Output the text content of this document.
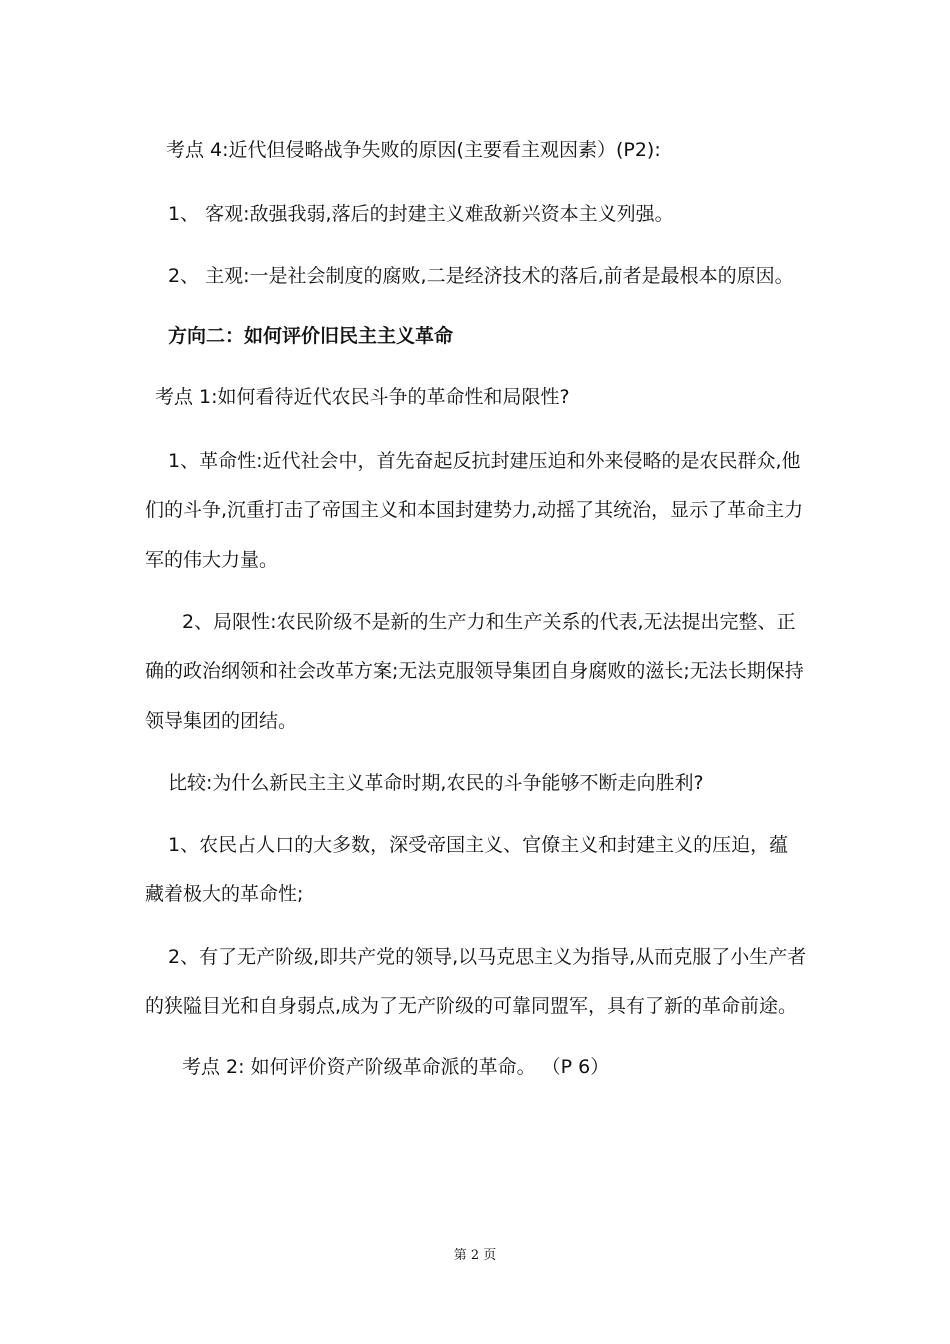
考点 4:近代但侵略战争失败的原因(主要看主观因素）(P2):
1、 客观:敌强我弱,落后的封建主义难敌新兴资本主义列强。
2、 主观:一是社会制度的腐败,二是经济技术的落后,前者是最根本的原因。
方向二：如何评价旧民主主义革命
考点 1:如何看待近代农民斗争的革命性和局限性?
1、革命性:近代社会中，首先奋起反抗封建压迫和外来侵略的是农民群众,他
们的斗争,沉重打击了帝国主义和本国封建势力,动摇了其统治，显示了革命主力
军的伟大力量。
2、局限性:农民阶级不是新的生产力和生产关系的代表,无法提出完整、正
确的政治纲领和社会改革方案;无法克服领导集团自身腐败的滋长;无法长期保持
领导集团的团结。
比较:为什么新民主主义革命时期,农民的斗争能够不断走向胜利?
1、农民占人口的大多数，深受帝国主义、官僚主义和封建主义的压迫，蕴
藏着极大的革命性;
2、有了无产阶级,即共产党的领导,以马克思主义为指导,从而克服了小生产者
的狭隘目光和自身弱点,成为了无产阶级的可靠同盟军，具有了新的革命前途。
考点 2: 如何评价资产阶级革命派的革命。 （P 6）
第 2 页
